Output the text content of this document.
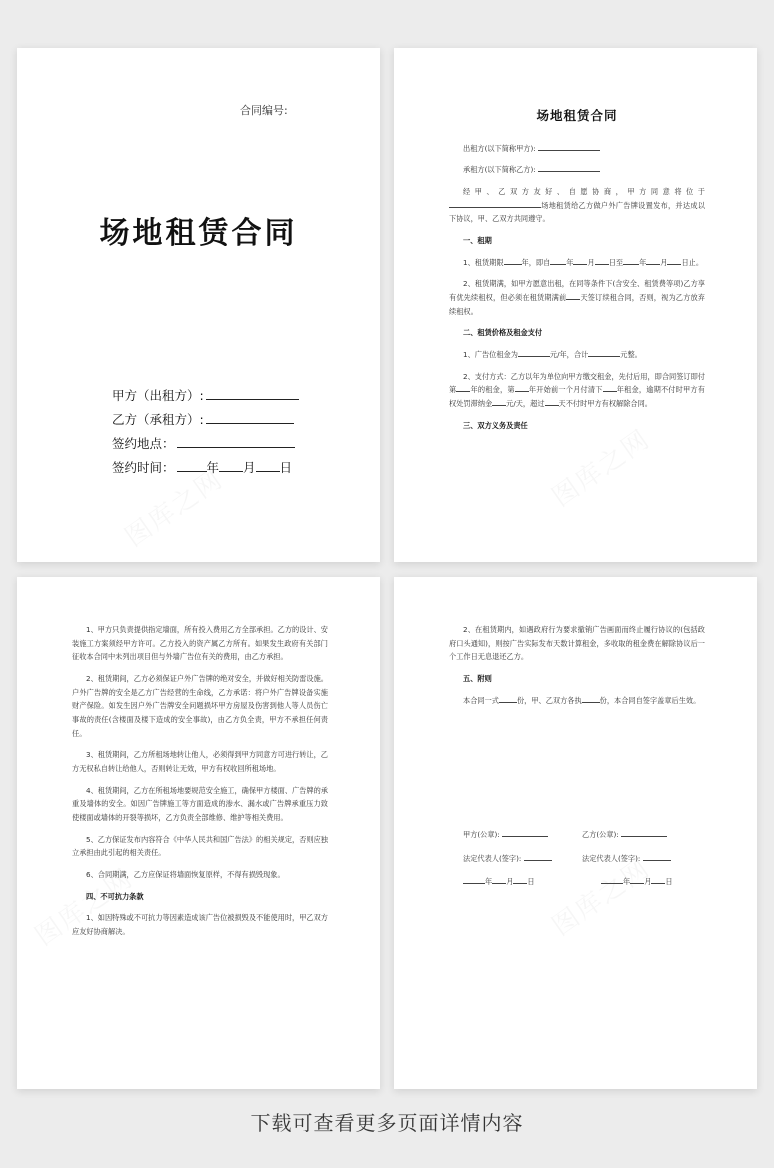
合同编号:
场地租赁合同
甲方（出租方）:
乙方（承租方）:
签约地点：
签约时间：	年 月 日
场地租赁合同
出租方(以下简称甲方):
承租方(以下简称乙方):
经甲、乙双方友好、自愿协商，甲方同意将位于场地租赁给乙方做户外广告牌设置发布，并达成以下协议，甲、乙双方共同遵守。
一、租期
1、租赁期限	年，即自 年 月 日至 年 月 日止。
2、租赁期满，如甲方愿意出租，在同等条件下(含安全、租赁费等项)乙方享有优先续租权，但必须在租赁期满前 天签订续租合同，否则，视为乙方放弃续租权。
二、租赁价格及租金支付
1、广告位租金为	元/年，合计	元整。
2、支付方式：乙方以年为单位向甲方缴交租金，先付后用，即合同签订即付第 年的租金，第 年开始前一个月付清下 年租金，逾期不付时甲方有权处罚滞纳金 元/天，超过 天不付时甲方有权解除合同。
三、双方义务及责任
1、甲方只负责提供指定墙面，所有投入费用乙方全部承担。乙方的设计、安装施工方案须经甲方许可。乙方投入的资产属乙方所有。如果发生政府有关部门征收本合同中未列出项目但与外墙广告位有关的费用，由乙方承担。
2、租赁期间，乙方必须保证户外广告牌的绝对安全，并做好相关防雷设施。户外广告牌的安全是乙方广告经营的生命线，乙方承诺：将户外广告牌设备实施财产保险。如发生因户外广告牌安全问题损坏甲方房屋及伤害到他人等人员伤亡事故的责任(含楼面及楼下造成的安全事故)，由乙方负全责，甲方不承担任何责任。
3、租赁期间，乙方所租场地转让他人，必须得到甲方同意方可进行转让，乙方无权私自转让给他人，否则转让无效，甲方有权收回所租场地。
4、租赁期间，乙方在所租场地要规范安全施工，确保甲方楼面、广告牌的承重及墙体的安全。如因广告牌施工等方面造成的渗水、漏水或广告牌承重压力致使楼面或墙体的开裂等损坏，乙方负责全部维修、维护等相关费用。
5、乙方保证发布内容符合《中华人民共和国广告法》的相关规定，否则应独立承担由此引起的相关责任。
6、合同期满，乙方应保证将墙面恢复原样，不得有损毁现象。
四、不可抗力条款
1、如因特殊或不可抗力等因素造成该广告位被损毁及不能使用时，甲乙双方应友好协商解决。
2、在租赁期内，如遇政府行为要求撤销广告画面而终止履行协议的(包括政府口头通知)，则按广告实际发布天数计算租金，多收取的租金费在解除协议后一个工作日无息退还乙方。
五、附则
本合同一式	份，甲、乙双方各执	份，本合同自签字盖章后生效。
甲方(公章):	乙方(公章):
法定代表人(签字):	法定代表人(签字):
年 月 日	年 月 日
下载可查看更多页面详情内容
